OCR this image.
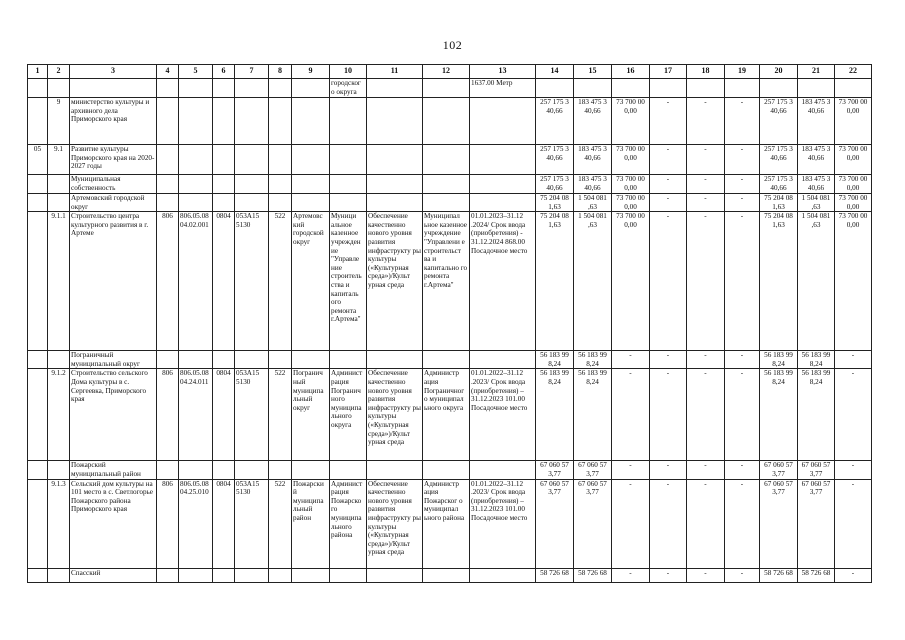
102
1	2	3	4	5	6	7	8	9	10	11	12	13	14	15	16	17	18	19	20	21	22
									городског о округа			1637.00 Метр									
	9	министерство культуры и архивного дела Приморского края											257 175 3 40,66	183 475 3 40,66	73 700 00 0,00	-	-	-	257 175 3 40,66	183 475 3 40,66	73 700 00 0,00
05	9.1	Развитие культуры Приморского края на 2020-2027 годы											257 175 3 40,66	183 475 3 40,66	73 700 00 0,00	-	-	-	257 175 3 40,66	183 475 3 40,66	73 700 00 0,00
		Муниципальная собственность											257 175 3 40,66	183 475 3 40,66	73 700 00 0,00	-	-	-	257 175 3 40,66	183 475 3 40,66	73 700 00 0,00
		Артемовский городской округ											75 204 08 1,63	1 504 081 ,63	73 700 00 0,00	-	-	-	75 204 08 1,63	1 504 081 ,63	73 700 00 0,00
	9.1.1	Строительство центра культурного развития в г. Артеме	806	806.05.08 04.02.001	0804	053A15 5130	522	Артемовс кий городской округ	Муници альное казенное учрежден ие "Управле ние строитель ства и капиталь ого ремонта г.Артема"	Обеспечение качественно нового уровня развития инфраструкту ры культуры («Культурная среда»)/Культ урная среда	Муниципал ьное казенное учреждение "Управлени е строительст ва и капитально го ремонта г.Артема"	01.01.2023–31.12 .2024/ Срок ввода (приобретения) - 31.12.2024 868.00 Посадочное место	75 204 08 1,63	1 504 081 ,63	73 700 00 0,00	-	-	-	75 204 08 1,63	1 504 081 ,63	73 700 00 0,00
		Пограничный муниципальный округ											56 183 99 8,24	56 183 99 8,24	-	-	-	-	56 183 99 8,24	56 183 99 8,24	-
	9.1.2	Строительство сельского Дома культуры в с. Сергеевка, Приморского края	806	806.05.08 04.24.011	0804	053A15 5130	522	Погранич ный муниципа льный округ	Админист рация Погранич ного муниципа льного округа	Обеспечение качественно нового уровня развития инфраструкту ры культуры («Культурная среда»)/Культ урная среда	Администр ация Пограничног о муниципал ьного округа	01.01.2022–31.12 .2023/ Срок ввода (приобретения) – 31.12.2023 101.00 Посадочное место	56 183 99 8,24	56 183 99 8,24	-	-	-	-	56 183 99 8,24	56 183 99 8,24	-
		Пожарский муниципальный район											67 060 57 3,77	67 060 57 3,77	-	-	-	-	67 060 57 3,77	67 060 57 3,77	-
	9.1.3	Сельский дом культуры на 101 место в с. Светлогорье Пожарского района Приморского края	806	806.05.08 04.25.010	0804	053A15 5130	522	Пожарски й муниципа льный район	Админист рация Пожарско го муниципа льного района	Обеспечение качественно нового уровня развития инфраструкту ры культуры («Культурная среда»)/Культ урная среда	Администр ация Пожарског о муниципал ьного района	01.01.2022–31.12 .2023/ Срок ввода (приобретения) – 31.12.2023 101.00 Посадочное место	67 060 57 3,77	67 060 57 3,77	-	-	-	-	67 060 57 3,77	67 060 57 3,77	-
		Спасский											58 726 68	58 726 68	-	-	-	-	58 726 68	58 726 68	-
